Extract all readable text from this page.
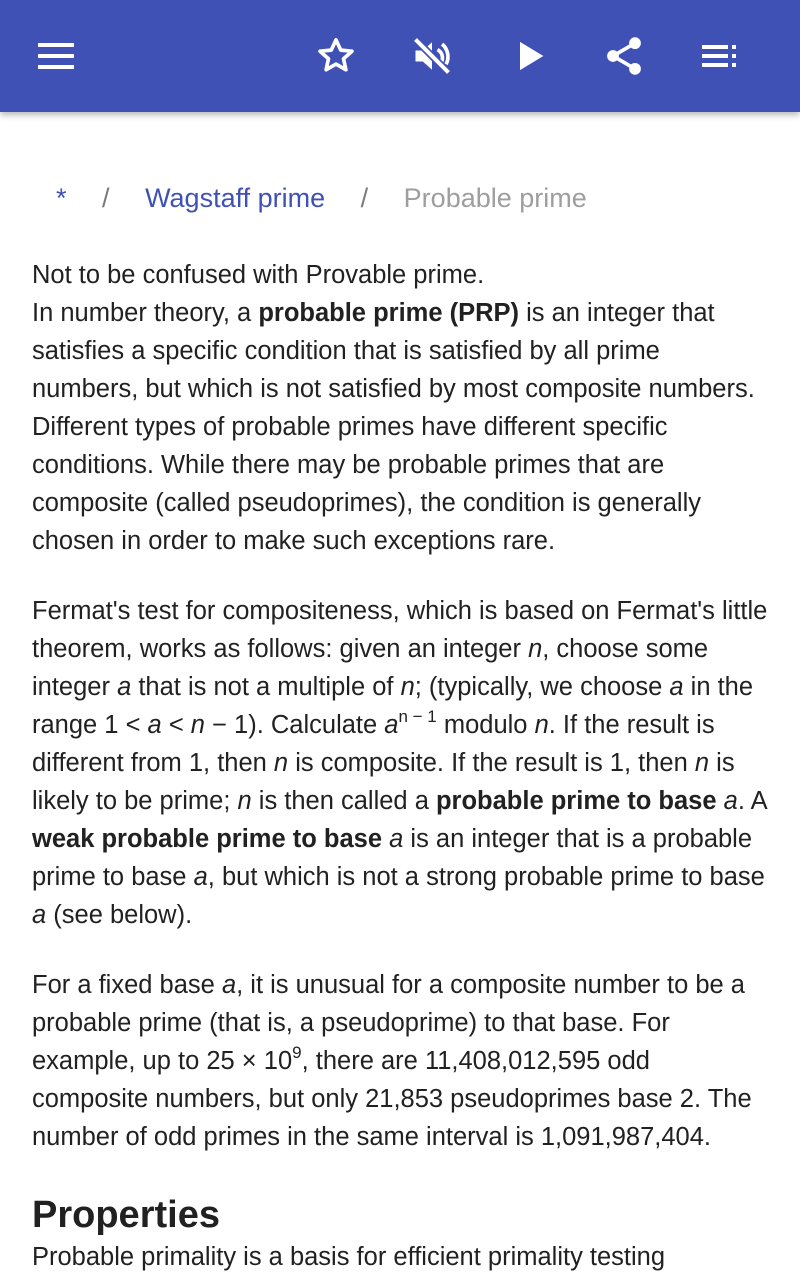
* / Wagstaff prime / Probable prime

Not to be confused with Provable prime.

In number theory, a probable prime (PRP) is an integer that satisfies a specific condition that is satisfied by all prime numbers, but which is not satisfied by most composite numbers. Different types of probable primes have different specific conditions. While there may be probable primes that are composite (called pseudoprimes), the condition is generally chosen in order to make such exceptions rare.

Fermat's test for compositeness, which is based on Fermat's little theorem, works as follows: given an integer n, choose some integer a that is not a multiple of n; (typically, we choose a in the range 1 < a < n − 1). Calculate $a^{n - 1}$ modulo n. If the result is different from 1, then n is composite. If the result is 1, then n is likely to be prime; n is then called a probable prime to base a. A weak probable prime to base a is an integer that is a probable prime to base a, but which is not a strong probable prime to base a (see below).

For a fixed base a, it is unusual for a composite number to be a probable prime (that is, a pseudoprime) to that base. For example, up to $25 \times 10^9$, there are 11,408,012,595 odd composite numbers, but only 21,853 pseudoprimes base 2. The number of odd primes in the same interval is 1,091,987,404.

Properties

Probable primality is a basis for efficient primality testing
